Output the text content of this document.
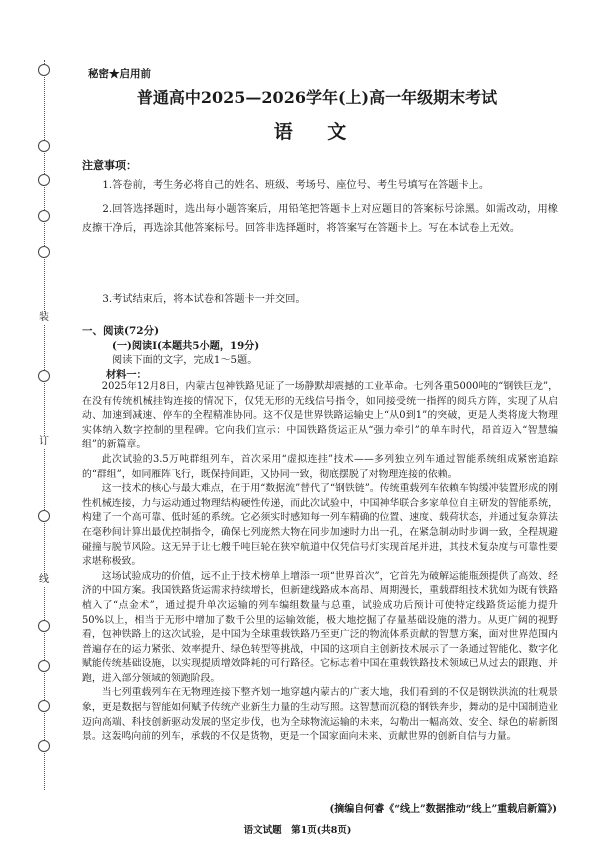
装
订
线
秘密★启用前
普通高中2025—2026学年(上)高一年级期末考试
语 文
注意事项：

1.答卷前，考生务必将自己的姓名、班级、考场号、座位号、考生号填写在答题卡上。

2.回答选择题时，选出每小题答案后，用铅笔把答题卡上对应题目的答案标号涂黑。如需改动，用橡皮擦干净后，再选涂其他答案标号。回答非选择题时，将答案写在答题卡上。写在本试卷上无效。

3.考试结束后，将本试卷和答题卡一并交回。

一、阅读(72分)
(一)阅读Ⅰ(本题共5小题，19分)
阅读下面的文字，完成1～5题。
材料一：

2025年12月8日，内蒙古包神铁路见证了一场静默却震撼的工业革命。七列各重5000吨的“钢铁巨龙”，在没有传统机械挂钩连接的情况下，仅凭无形的无线信号指令，如同接受统一指挥的阅兵方阵，实现了从启动、加速到减速、停车的全程精准协同。这不仅是世界铁路运输史上“从0到1”的突破，更是人类将庞大物理实体纳入数字控制的里程碑。它向我们宣示：中国铁路货运正从“强力牵引”的单车时代，昂首迈入“智慧编组”的新篇章。

此次试验的3.5万吨群组列车，首次采用“虚拟连挂”技术——多列独立列车通过智能系统组成紧密追踪的“群组”，如同雁阵飞行，既保持间距，又协同一致，彻底摆脱了对物理连接的依赖。

这一技术的核心与最大难点，在于用“数据流”替代了“钢铁链”。传统重载列车依赖车钩缓冲装置形成的刚性机械连接，力与运动通过物理结构硬性传递，而此次试验中，中国神华联合多家单位自主研发的智能系统，构建了一个高可靠、低时延的系统。它必须实时感知每一列车精确的位置、速度、载荷状态，并通过复杂算法在毫秒间计算出最优控制指令，确保七列庞然大物在同步加速时力出一孔，在紧急制动时步调一致，全程规避碰撞与脱节风险。这无异于让七艘千吨巨轮在狭窄航道中仅凭信号灯实现首尾并进，其技术复杂度与可靠性要求堪称极致。

这场试验成功的价值，远不止于技术榜单上增添一项“世界首次”，它首先为破解运能瓶颈提供了高效、经济的中国方案。我国铁路货运需求持续增长，但新建线路成本高昂、周期漫长，重载群组技术犹如为既有铁路植入了“点金术”，通过提升单次运输的列车编组数量与总重，试验成功后预计可使特定线路货运能力提升50%以上，相当于无形中增加了数千公里的运输效能，极大地挖掘了存量基础设施的潜力。从更广阔的视野看，包神铁路上的这次试验，是中国为全球重载铁路乃至更广泛的物流体系贡献的智慧方案，面对世界范围内普遍存在的运力紧张、效率提升、绿色转型等挑战，中国的这项自主创新技术展示了一条通过智能化、数字化赋能传统基础设施，以实现提质增效降耗的可行路径。它标志着中国在重载铁路技术领域已从过去的跟跑、并跑，进入部分领域的领跑阶段。

当七列重载列车在无物理连接下整齐划一地穿越内蒙古的广袤大地，我们看到的不仅是钢铁洪流的壮观景象，更是数据与智能如何赋予传统产业新生力量的生动写照。这智慧而沉稳的钢铁奔步，舞动的是中国制造业迈向高端、科技创新驱动发展的坚定步伐，也为全球物流运输的未来，勾勒出一幅高效、安全、绿色的崭新图景。这轰鸣向前的列车，承载的不仅是货物，更是一个国家面向未来、贡献世界的创新自信与力量。

(摘编自何睿《“线上”数据推动“线上”重载启新篇》)
语文试题　第1页(共8页)
